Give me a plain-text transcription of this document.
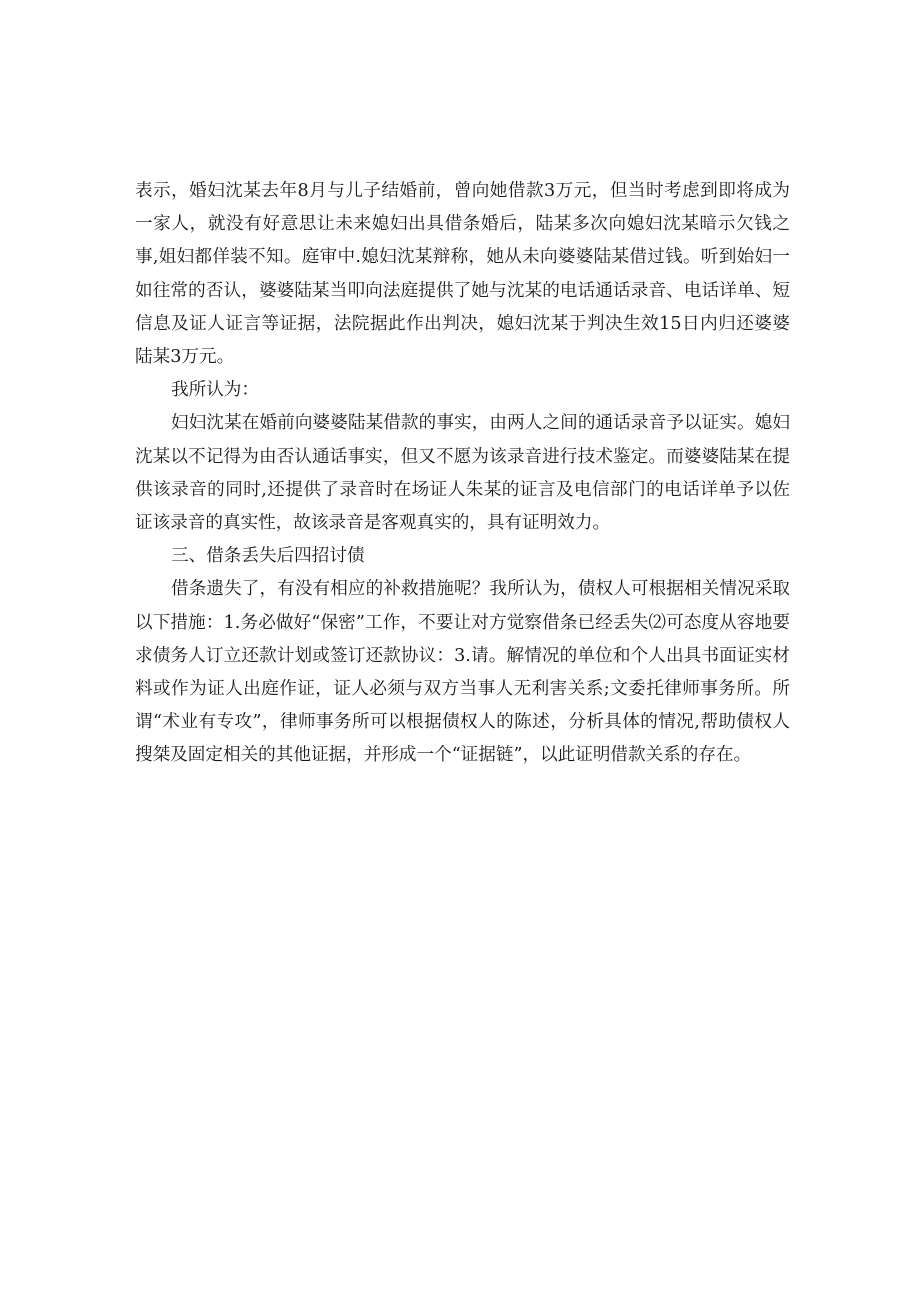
表示，婚妇沈某去年8月与儿子结婚前，曾向她借款3万元，但当时考虑到即将成为一家人，就没有好意思让未来媳妇出具借条婚后，陆某多次向媳妇沈某暗示欠钱之事,姐妇都佯装不知。庭审中.媳妇沈某辩称，她从未向婆婆陆某借过钱。听到始妇一如往常的否认，婆婆陆某当叩向法庭提供了她与沈某的电话通话录音、电话详单、短信息及证人证言等证据，法院据此作出判决，媳妇沈某于判决生效15日内归还婆婆陆某3万元。

我所认为：

妇妇沈某在婚前向婆婆陆某借款的事实，由两人之间的通话录音予以证实。媳妇沈某以不记得为由否认通话事实，但又不愿为该录音进行技术鉴定。而婆婆陆某在提供该录音的同时,还提供了录音时在场证人朱某的证言及电信部门的电话详单予以佐证该录音的真实性，故该录音是客观真实的，具有证明效力。

三、借条丢失后四招讨债

借条遗失了，有没有相应的补救措施呢？我所认为，债权人可根据相关情况采取以下措施：1.务必做好“保密”工作，不要让对方觉察借条已经丢失⑵可态度从容地要求债务人订立还款计划或签订还款协议：3.请。解情况的单位和个人出具书面证实材料或作为证人出庭作证，证人必须与双方当事人无利害关系;文委托律师事务所。所谓“术业有专攻”，律师事务所可以根据债权人的陈述，分析具体的情况,帮助债权人搜桀及固定相关的其他证据，并形成一个“证据链”，以此证明借款关系的存在。
